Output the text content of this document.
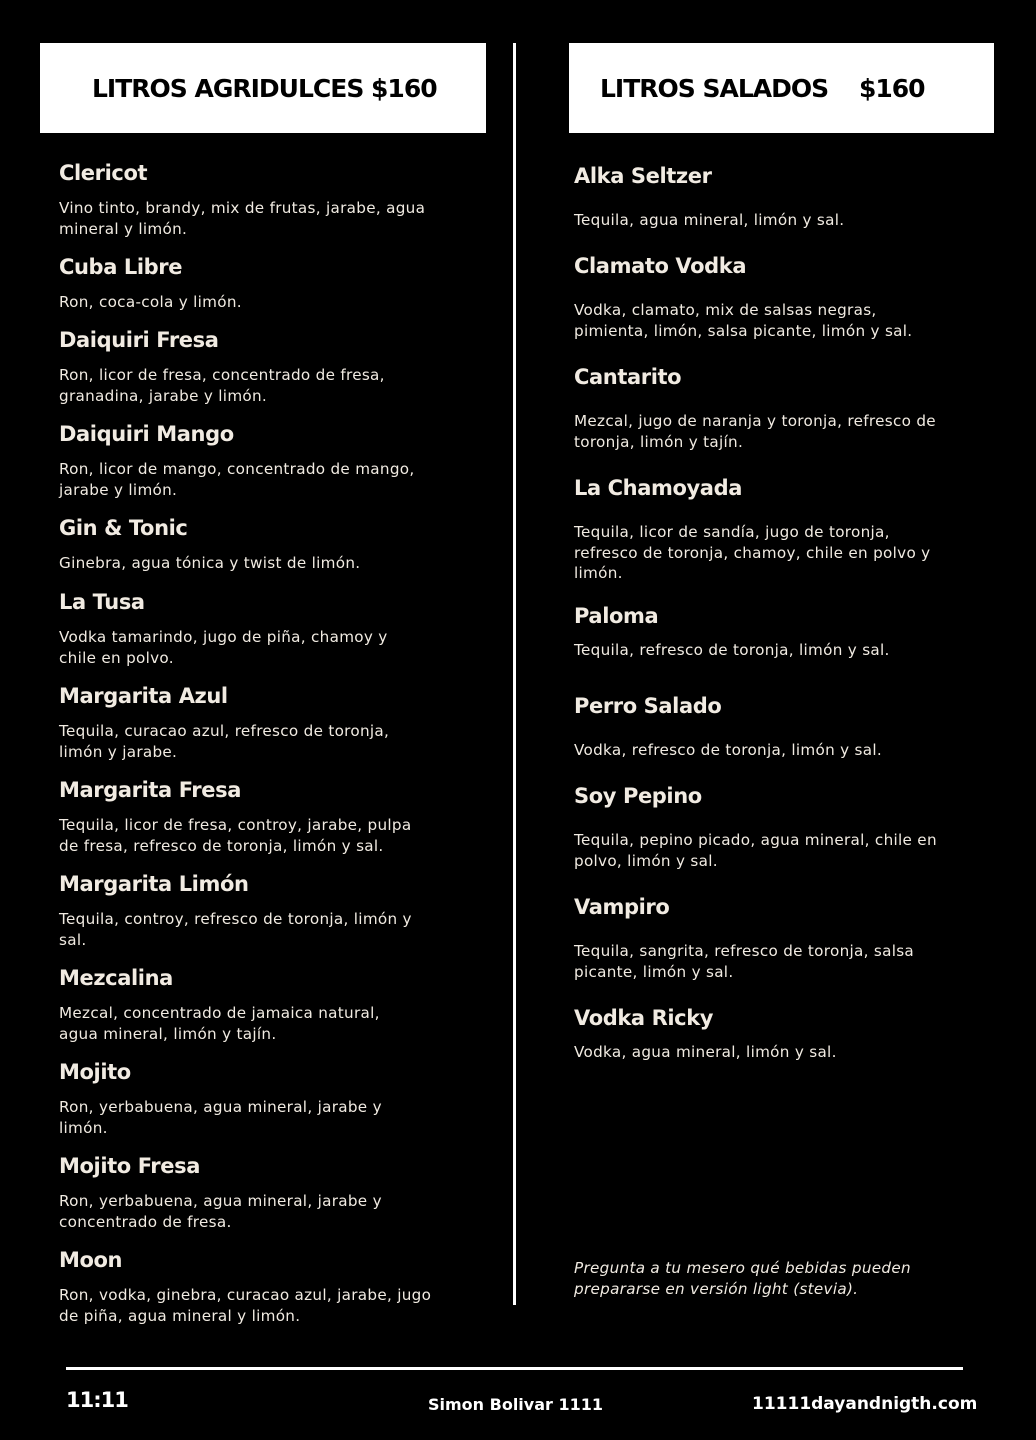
LITROS AGRIDULCES $160	LITROS SALADOS    $160
Clericot
Vino tinto, brandy, mix de frutas, jarabe, agua
mineral y limón.
Cuba Libre
Ron, coca-cola y limón.
Daiquiri Fresa
Ron, licor de fresa, concentrado de fresa,
granadina, jarabe y limón.
Daiquiri Mango
Ron, licor de mango, concentrado de mango,
jarabe y limón.
Gin & Tonic
Ginebra, agua tónica y twist de limón.
La Tusa
Vodka tamarindo, jugo de piña, chamoy y
chile en polvo.
Margarita Azul
Tequila, curacao azul, refresco de toronja,
limón y jarabe.
Margarita Fresa
Tequila, licor de fresa, controy, jarabe, pulpa
de fresa, refresco de toronja, limón y sal.
Margarita Limón
Tequila, controy, refresco de toronja, limón y
sal.
Mezcalina
Mezcal, concentrado de jamaica natural,
agua mineral, limón y tajín.
Mojito
Ron, yerbabuena, agua mineral, jarabe y
limón.
Mojito Fresa
Ron, yerbabuena, agua mineral, jarabe y
concentrado de fresa.
Moon
Ron, vodka, ginebra, curacao azul, jarabe, jugo
de piña, agua mineral y limón.
Alka Seltzer
Tequila, agua mineral, limón y sal.
Clamato Vodka
Vodka, clamato, mix de salsas negras,
pimienta, limón, salsa picante, limón y sal.
Cantarito
Mezcal, jugo de naranja y toronja, refresco de
toronja, limón y tajín.
La Chamoyada
Tequila, licor de sandía, jugo de toronja,
refresco de toronja, chamoy, chile en polvo y
limón.
Paloma
Tequila, refresco de toronja, limón y sal.
Perro Salado
Vodka, refresco de toronja, limón y sal.
Soy Pepino
Tequila, pepino picado, agua mineral, chile en
polvo, limón y sal.
Vampiro
Tequila, sangrita, refresco de toronja, salsa
picante, limón y sal.
Vodka Ricky
Vodka, agua mineral, limón y sal.
Pregunta a tu mesero qué bebidas pueden
prepararse en versión light (stevia).
11:11	Simon Bolivar 1111	11111dayandnigth.com
